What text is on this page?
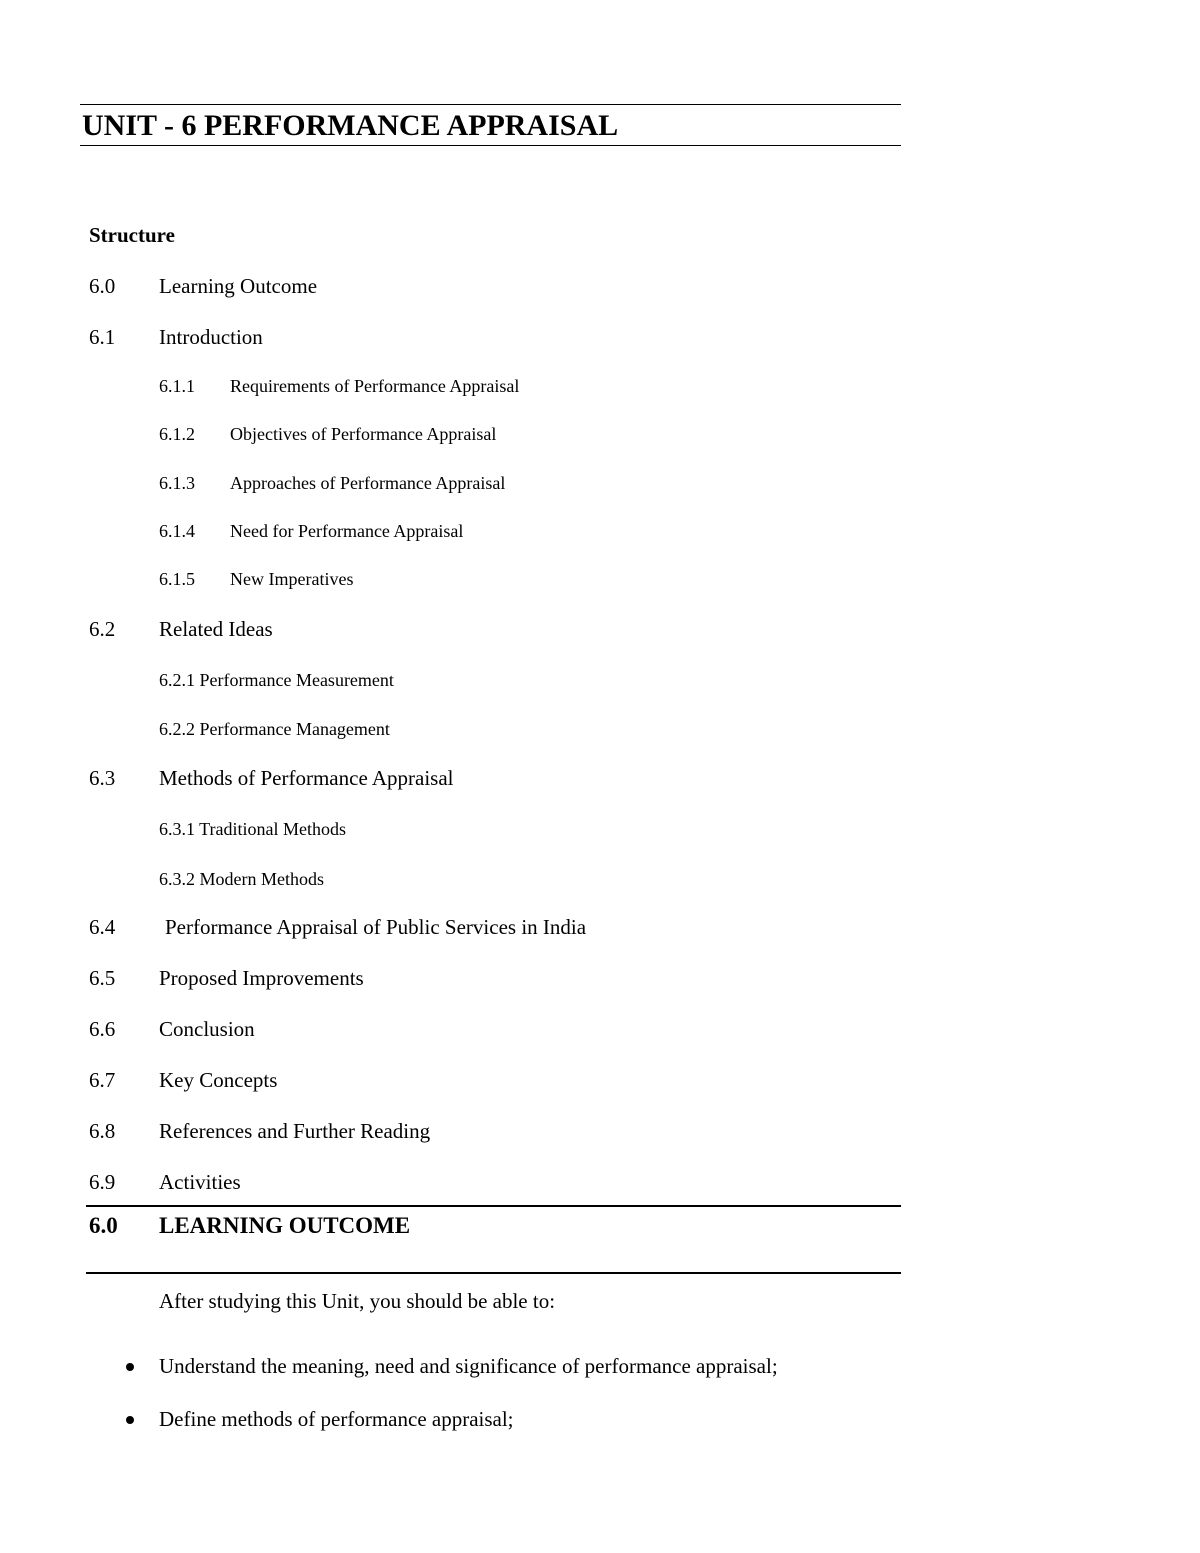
UNIT - 6 PERFORMANCE APPRAISAL
Structure
6.0 Learning Outcome
6.1 Introduction
6.1.1 Requirements of Performance Appraisal
6.1.2 Objectives of Performance Appraisal
6.1.3 Approaches of Performance Appraisal
6.1.4 Need for Performance Appraisal
6.1.5 New Imperatives
6.2 Related Ideas
6.2.1 Performance Measurement
6.2.2 Performance Management
6.3 Methods of Performance Appraisal
6.3.1 Traditional Methods
6.3.2 Modern Methods
6.4 Performance Appraisal of Public Services in India
6.5 Proposed Improvements
6.6 Conclusion
6.7 Key Concepts
6.8 References and Further Reading
6.9 Activities
6.0 LEARNING OUTCOME
After studying this Unit, you should be able to:
Understand the meaning, need and significance of performance appraisal;
Define methods of performance appraisal;
